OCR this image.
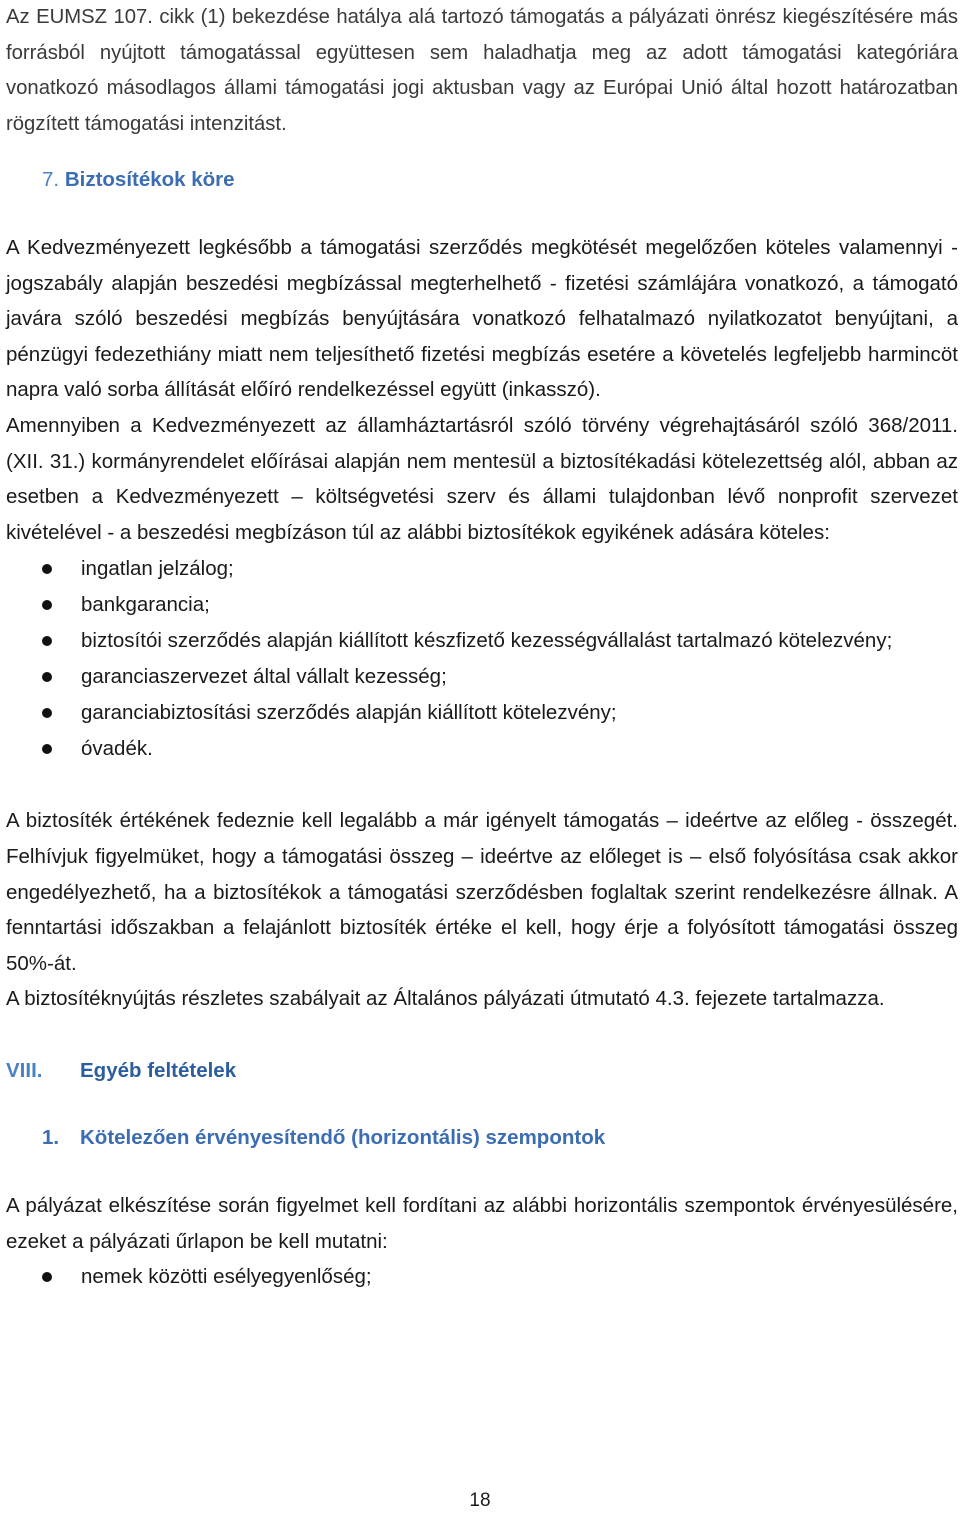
Az EUMSZ 107. cikk (1) bekezdése hatálya alá tartozó támogatás a pályázati önrész kiegészítésére más forrásból nyújtott támogatással együttesen sem haladhatja meg az adott támogatási kategóriára vonatkozó másodlagos állami támogatási jogi aktusban vagy az Európai Unió által hozott határozatban rögzített támogatási intenzitást.

7. Biztosítékok köre

A Kedvezményezett legkésőbb a támogatási szerződés megkötését megelőzően köteles valamennyi - jogszabály alapján beszedési megbízással megterhelhető - fizetési számlájára vonatkozó, a támogató javára szóló beszedési megbízás benyújtására vonatkozó felhatalmazó nyilatkozatot benyújtani, a pénzügyi fedezethiány miatt nem teljesíthető fizetési megbízás esetére a követelés legfeljebb harmincöt napra való sorba állítását előíró rendelkezéssel együtt (inkasszó).

Amennyiben a Kedvezményezett az államháztartásról szóló törvény végrehajtásáról szóló 368/2011. (XII. 31.) kormányrendelet előírásai alapján nem mentesül a biztosítékadási kötelezettség alól, abban az esetben a Kedvezményezett – költségvetési szerv és állami tulajdonban lévő nonprofit szervezet kivételével - a beszedési megbízáson túl az alábbi biztosítékok egyikének adására köteles:

ingatlan jelzálog;
bankgarancia;
biztosítói szerződés alapján kiállított készfizető kezességvállalást tartalmazó kötelezvény;
garanciaszervezet által vállalt kezesség;
garanciabiztosítási szerződés alapján kiállított kötelezvény;
óvadék.

A biztosíték értékének fedeznie kell legalább a már igényelt támogatás – ideértve az előleg - összegét. Felhívjuk figyelmüket, hogy a támogatási összeg – ideértve az előleget is – első folyósítása csak akkor engedélyezhető, ha a biztosítékok a támogatási szerződésben foglaltak szerint rendelkezésre állnak. A fenntartási időszakban a felajánlott biztosíték értéke el kell, hogy érje a folyósított támogatási összeg 50%-át.

A biztosítéknyújtás részletes szabályait az Általános pályázati útmutató 4.3. fejezete tartalmazza.

VIII.	Egyéb feltételek
1. Kötelezően érvényesítendő (horizontális) szempontok

A pályázat elkészítése során figyelmet kell fordítani az alábbi horizontális szempontok érvényesülésére, ezeket a pályázati űrlapon be kell mutatni:

nemek közötti esélyegyenlőség;
18
